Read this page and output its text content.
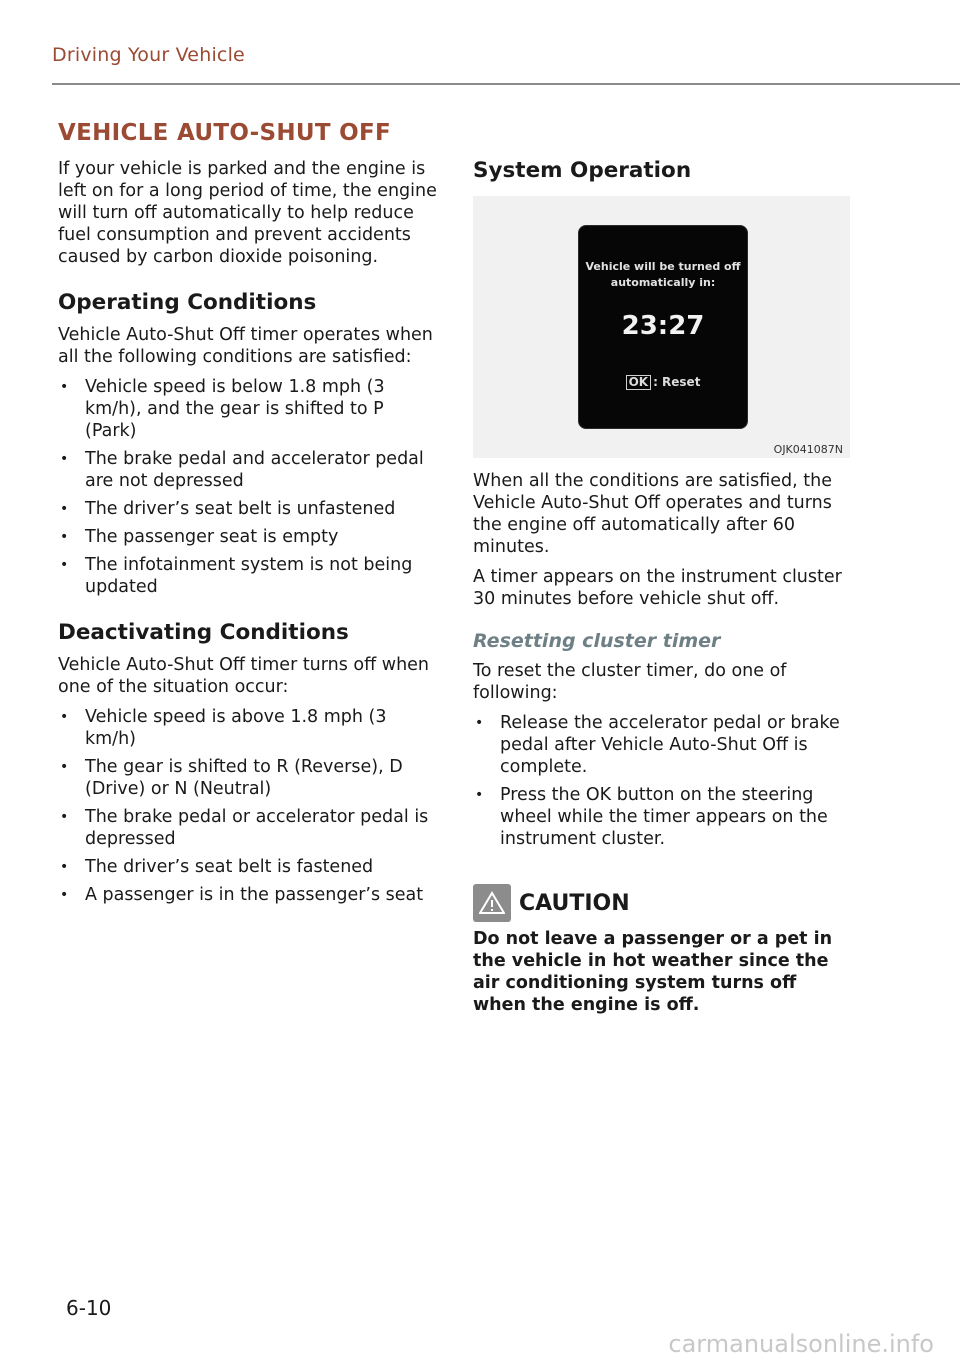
Driving Your Vehicle
VEHICLE AUTO-SHUT OFF

If your vehicle is parked and the engine is left on for a long period of time, the engine will turn off automatically to help reduce fuel consumption and prevent accidents caused by carbon dioxide poisoning.

Operating Conditions

Vehicle Auto-Shut Off timer operates when all the following conditions are satisfied:

• Vehicle speed is below 1.8 mph (3 km/h), and the gear is shifted to P (Park)
• The brake pedal and accelerator pedal are not depressed
• The driver’s seat belt is unfastened
• The passenger seat is empty
• The infotainment system is not being updated
Deactivating Conditions

Vehicle Auto-Shut Off timer turns off when one of the situation occur:

• Vehicle speed is above 1.8 mph (3 km/h)
• The gear is shifted to R (Reverse), D (Drive) or N (Neutral)
• The brake pedal or accelerator pedal is depressed
• The driver’s seat belt is fastened
• A passenger is in the passenger’s seat
System Operation
Vehicle will be turned off
automatically in:
23:27
OK : Reset
OJK041087N

When all the conditions are satisfied, the Vehicle Auto-Shut Off operates and turns the engine off automatically after 60 minutes.

A timer appears on the instrument cluster 30 minutes before vehicle shut off.

Resetting cluster timer

To reset the cluster timer, do one of following:

• Release the accelerator pedal or brake pedal after Vehicle Auto-Shut Off is complete.
• Press the OK button on the steering wheel while the timer appears on the instrument cluster.
CAUTION

Do not leave a passenger or a pet in the vehicle in hot weather since the air conditioning system turns off when the engine is off.

6-10
carmanualsonline.info
